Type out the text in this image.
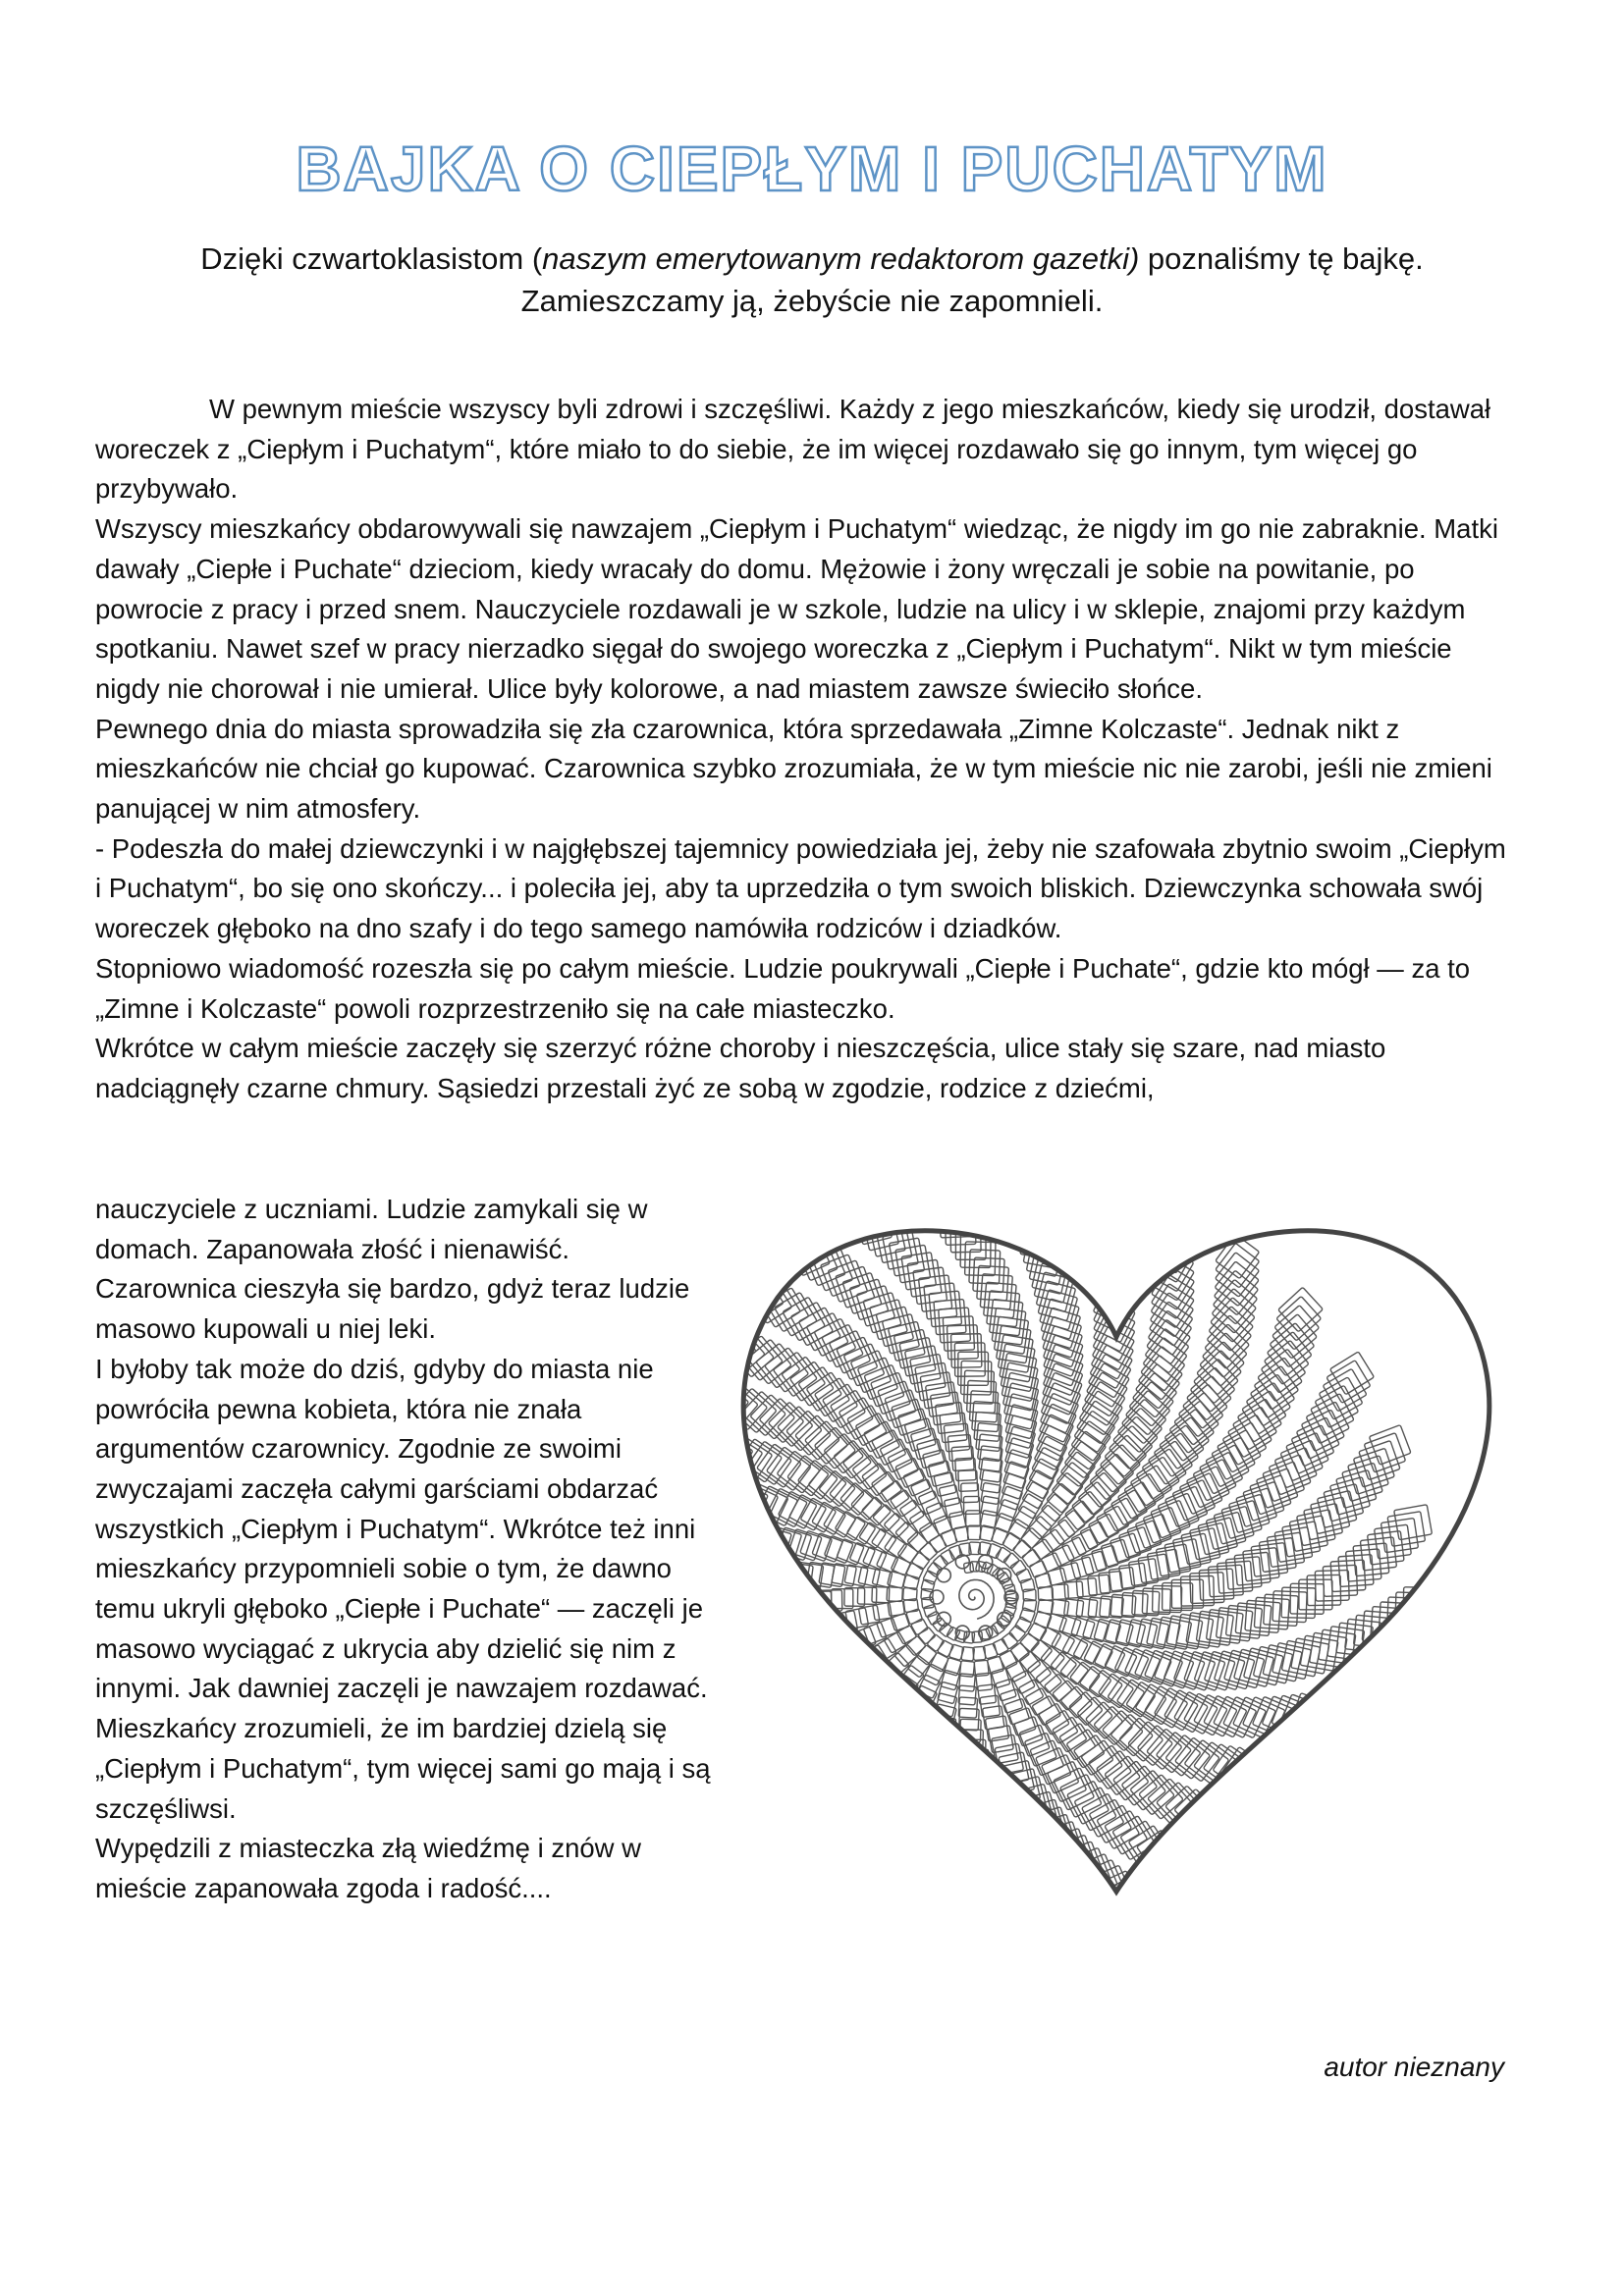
BAJKA O CIEPŁYM I PUCHATYM

Dzięki czwartoklasistom (naszym emerytowanym redaktorom gazetki) poznaliśmy tę bajkę.

Zamieszczamy ją, żebyście nie zapomnieli.

W pewnym mieście wszyscy byli zdrowi i szczęśliwi. Każdy z jego mieszkańców, kiedy się urodził, dostawał woreczek z „Ciepłym i Puchatym“, które miało to do siebie, że im więcej rozdawało się go innym, tym więcej go przybywało.

Wszyscy mieszkańcy obdarowywali się nawzajem „Ciepłym i Puchatym“ wiedząc, że nigdy im go nie zabraknie. Matki dawały „Ciepłe i Puchate“ dzieciom, kiedy wracały do domu. Mężowie i żony wręczali je sobie na powitanie, po powrocie z pracy i przed snem. Nauczyciele rozdawali je w szkole, ludzie na ulicy i w sklepie, znajomi przy każdym spotkaniu. Nawet szef w pracy nierzadko sięgał do swojego woreczka z „Ciepłym i Puchatym“. Nikt w tym mieście nigdy nie chorował i nie umierał. Ulice były kolorowe, a nad miastem zawsze świeciło słońce.

Pewnego dnia do miasta sprowadziła się zła czarownica, która sprzedawała „Zimne Kolczaste“. Jednak nikt z mieszkańców nie chciał go kupować. Czarownica szybko zrozumiała, że w tym mieście nic nie zarobi, jeśli nie zmieni panującej w nim atmosfery.

- Podeszła do małej dziewczynki i w najgłębszej tajemnicy powiedziała jej, żeby nie szafowała zbytnio swoim „Ciepłym i Puchatym“, bo się ono skończy... i poleciła jej, aby ta uprzedziła o tym swoich bliskich. Dziewczynka schowała swój woreczek głęboko na dno szafy i do tego samego namówiła rodziców i dziadków.

Stopniowo wiadomość rozeszła się po całym mieście. Ludzie poukrywali „Ciepłe i Puchate“, gdzie kto mógł — za to „Zimne i Kolczaste“ powoli rozprzestrzeniło się na całe miasteczko.

Wkrótce w całym mieście zaczęły się szerzyć różne choroby i nieszczęścia, ulice stały się szare, nad miasto nadciągnęły czarne chmury. Sąsiedzi przestali żyć ze sobą w zgodzie, rodzice z dziećmi,

nauczyciele z uczniami. Ludzie zamykali się w domach. Zapanowała złość i nienawiść.

Czarownica cieszyła się bardzo, gdyż teraz ludzie masowo kupowali u niej leki.

I byłoby tak może do dziś, gdyby do miasta nie powróciła pewna kobieta, która nie znała argumentów czarownicy. Zgodnie ze swoimi zwyczajami zaczęła całymi garściami obdarzać wszystkich „Ciepłym i Puchatym“. Wkrótce też inni mieszkańcy przypomnieli sobie o tym, że dawno temu ukryli głęboko „Ciepłe i Puchate“ — zaczęli je masowo wyciągać z ukrycia aby dzielić się nim z innymi. Jak dawniej zaczęli je nawzajem rozdawać.

Mieszkańcy zrozumieli, że im bardziej dzielą się „Ciepłym i Puchatym“, tym więcej sami go mają i są szczęśliwsi.

Wypędzili z miasteczka złą wiedźmę i znów w mieście zapanowała zgoda i radość....

autor nieznany
